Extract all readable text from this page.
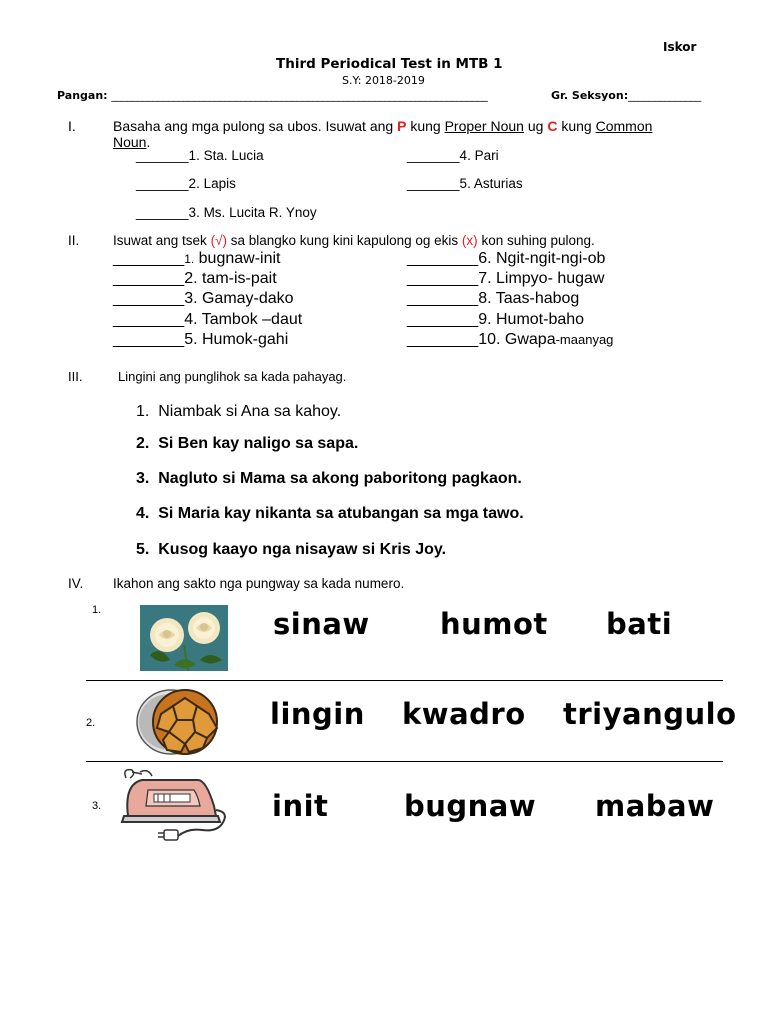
Iskor
Third Periodical Test in MTB 1
S.Y: 2018-2019
Pangan: _________________________________________________________________________	Gr. Seksyon:______________
I.	Basaha ang mga pulong sa ubos. Isuwat ang P kung Proper Noun ug C kung Common
Noun.
_______1. Sta. Lucia
_______2. Lapis
_______3. Ms. Lucita R. Ynoy
_______4. Pari
_______5. Asturias
II. Isuwat ang tsek (√) sa blangko kung kini kapulong og ekis (x) kon suhing pulong.
________1. bugnaw-init
________2. tam-is-pait
________3. Gamay-dako
________4. Tambok –daut
________5. Humok-gahi
________6. Ngit-ngit-ngi-ob
________7. Limpyo- hugaw
________8. Taas-habog
________9. Humot-baho
________10. Gwapa-maanyag
III.	Lingini ang punglihok sa kada pahayag.
1. Niambak si Ana sa kahoy.
2. Si Ben kay naligo sa sapa.
3. Nagluto si Mama sa akong paboritong pagkaon.
4. Si Maria kay nikanta sa atubangan sa mga tawo.
5. Kusog kaayo nga nisayaw si Kris Joy.
IV. Ikahon ang sakto nga pungway sa kada numero.
1.	sinaw humot bati
2.	lingin kwadro triyangulo
3.	init	bugnaw mabaw
